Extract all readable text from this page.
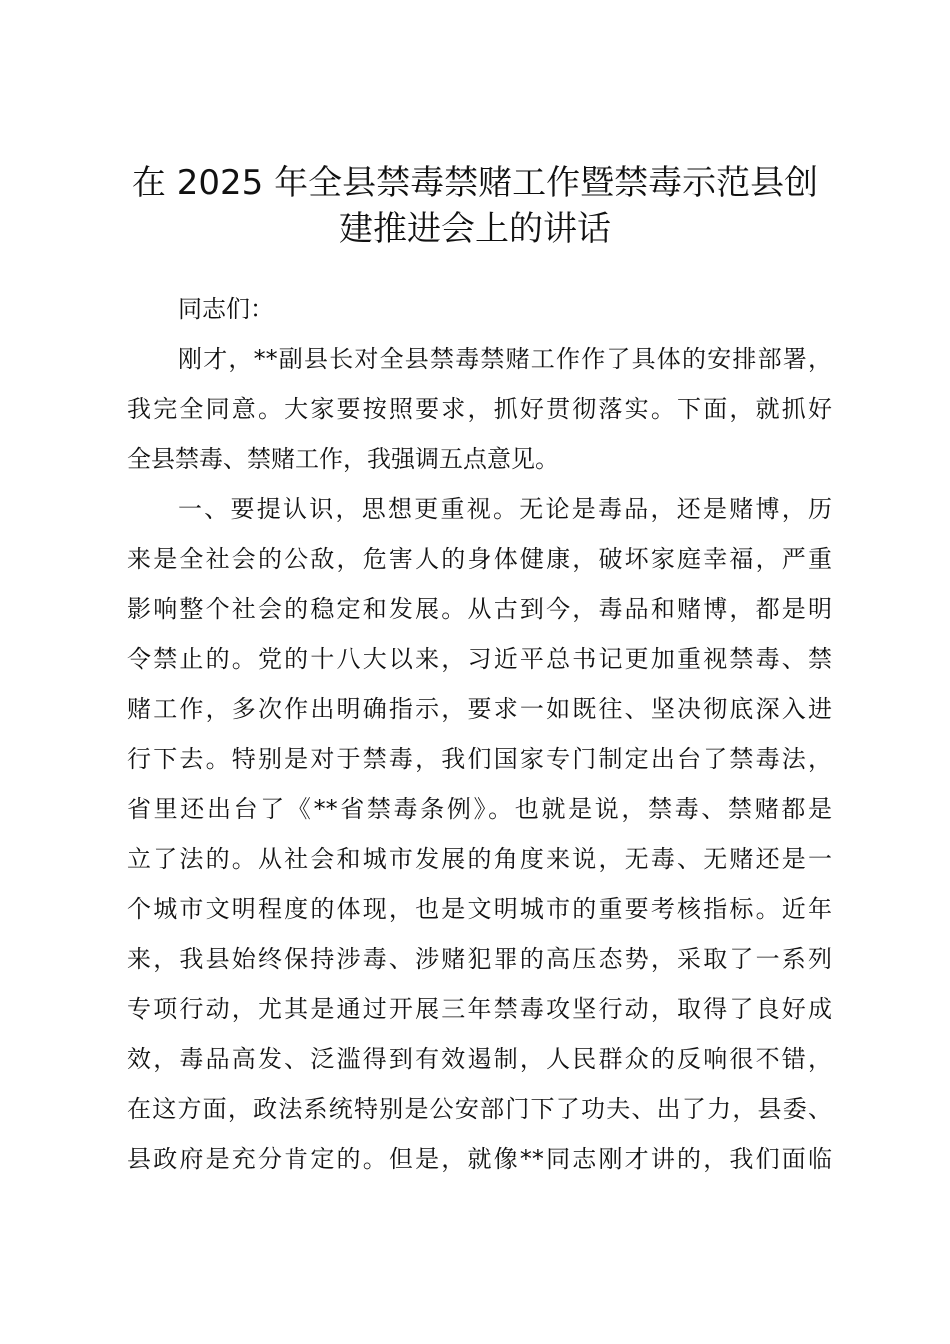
在 2025 年全县禁毒禁赌工作暨禁毒示范县创
建推进会上的讲话
同志们：
刚才，**副县长对全县禁毒禁赌工作作了具体的安排部署，
我完全同意。大家要按照要求，抓好贯彻落实。下面，就抓好
全县禁毒、禁赌工作，我强调五点意见。
一、要提认识，思想更重视。无论是毒品，还是赌博，历
来是全社会的公敌，危害人的身体健康，破坏家庭幸福，严重
影响整个社会的稳定和发展。从古到今，毒品和赌博，都是明
令禁止的。党的十八大以来，习近平总书记更加重视禁毒、禁
赌工作，多次作出明确指示，要求一如既往、坚决彻底深入进
行下去。特别是对于禁毒，我们国家专门制定出台了禁毒法，
省里还出台了《**省禁毒条例》。也就是说，禁毒、禁赌都是
立了法的。从社会和城市发展的角度来说，无毒、无赌还是一
个城市文明程度的体现，也是文明城市的重要考核指标。近年
来，我县始终保持涉毒、涉赌犯罪的高压态势，采取了一系列
专项行动，尤其是通过开展三年禁毒攻坚行动，取得了良好成
效，毒品高发、泛滥得到有效遏制，人民群众的反响很不错，
在这方面，政法系统特别是公安部门下了功夫、出了力，县委、
县政府是充分肯定的。但是，就像**同志刚才讲的，我们面临
